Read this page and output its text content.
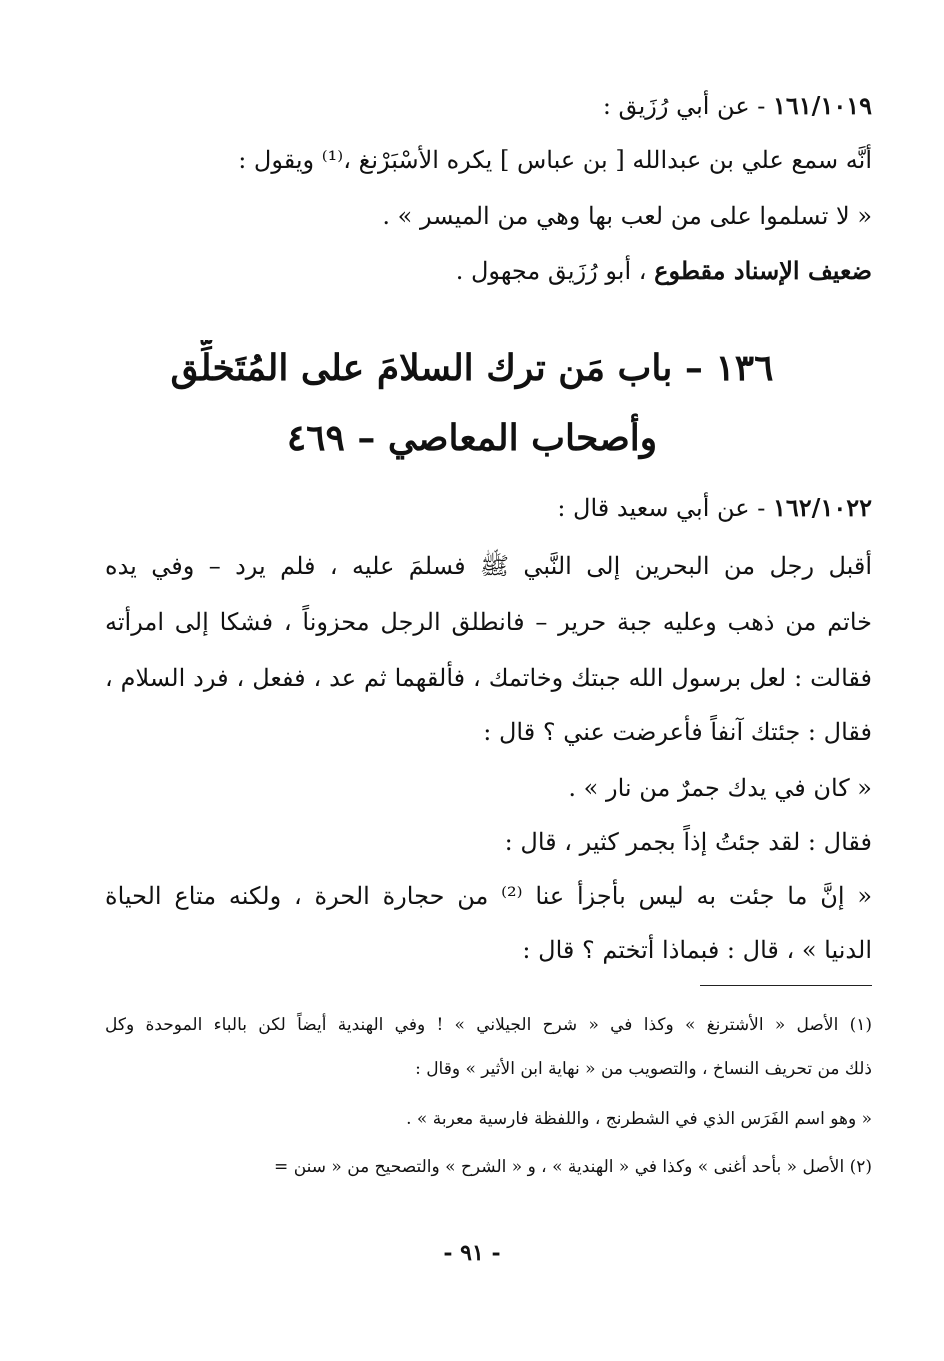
١٦١/١٠١٩ - عن أبي رُزَيق :
أنَّه سمع علي بن عبدالله [ بن عباس ] يكره الأسْبَرْنغ ،⁽¹⁾ ويقول :
« لا تسلموا على من لعب بها وهي من الميسر » .
ضعيف الإسناد مقطوع ، أبو رُزَيق مجهول .
١٣٦ – باب مَن ترك السلامَ على المُتَخلِّق
وأصحاب المعاصي – ٤٦٩
١٦٢/١٠٢٢ - عن أبي سعيد قال :
أقبل رجل من البحرين إلى النَّبي ﷺ فسلمَ عليه ، فلم يرد – وفي يده
خاتم من ذهب وعليه جبة حرير – فانطلق الرجل محزوناً ، فشكا إلى امرأته
فقالت : لعل برسول الله جبتك وخاتمك ، فألقهما ثم عد ، ففعل ، فرد السلام ،
فقال : جئتك آنفاً فأعرضت عني ؟ قال :
« كان في يدك جمرٌ من نار » .
فقال : لقد جئتُ إذاً بجمر كثير ، قال :
« إنَّ ما جئت به ليس بأجزأ عنا ⁽²⁾ من حجارة الحرة ، ولكنه متاع الحياة
الدنيا » ، قال : فبماذا أتختم ؟ قال :
(١) الأصل « الأشترنغ » وكذا في « شرح الجيلاني » ! وفي الهندية أيضاً لكن بالباء الموحدة وكل
ذلك من تحريف النساخ ، والتصويب من « نهاية ابن الأثير » وقال :
« وهو اسم الفَرَس الذي في الشطرنج ، واللفظة فارسية معربة » .
(٢) الأصل « بأحد أغنى » وكذا في « الهندية » ، و « الشرح » والتصحيح من « سنن =
- ٩١ -
